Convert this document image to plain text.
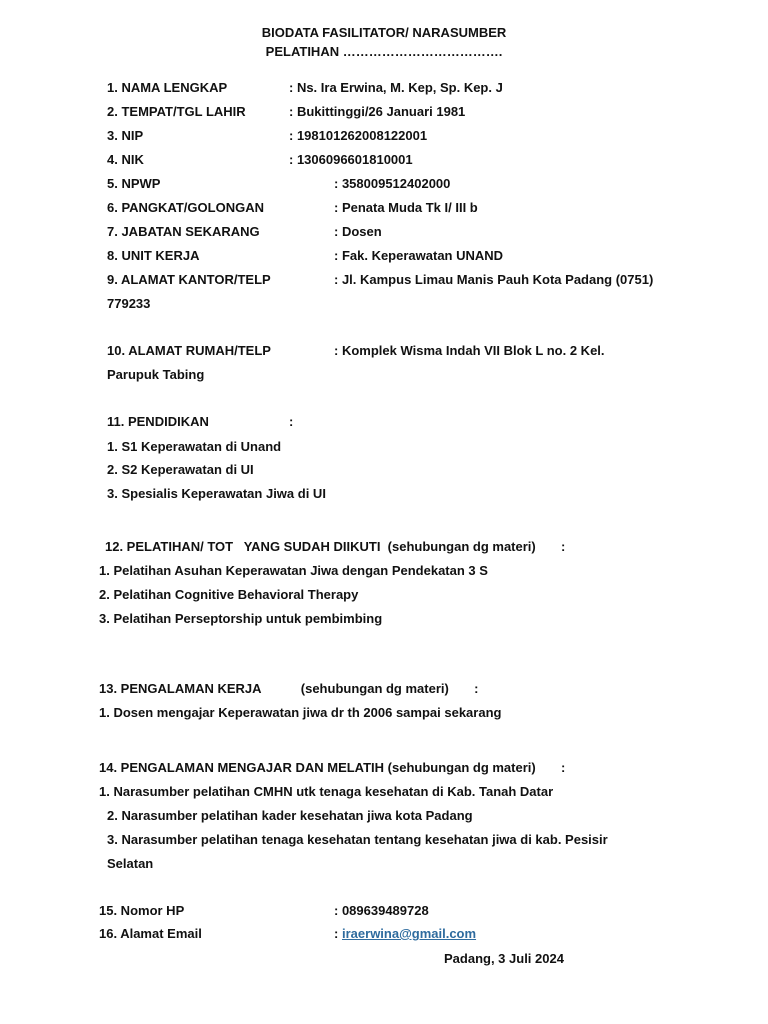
BIODATA FASILITATOR/ NARASUMBER
PELATIHAN ……………………………….
1. NAMA LENGKAP	: Ns. Ira Erwina, M. Kep, Sp. Kep. J
2. TEMPAT/TGL LAHIR	: Bukittinggi/26 Januari 1981
3. NIP	: 198101262008122001
4. NIK	: 1306096601810001
5. NPWP	: 358009512402000
6. PANGKAT/GOLONGAN	: Penata Muda Tk I/ III b
7. JABATAN SEKARANG	: Dosen
8. UNIT KERJA	: Fak. Keperawatan UNAND
9. ALAMAT KANTOR/TELP	: Jl. Kampus Limau Manis Pauh Kota Padang (0751)
779233
10. ALAMAT RUMAH/TELP	: Komplek Wisma Indah VII Blok L no. 2 Kel.
Parupuk Tabing
11. PENDIDIKAN	:
1. S1 Keperawatan di Unand
2. S2 Keperawatan di UI
3. Spesialis Keperawatan Jiwa di UI
12. PELATIHAN/ TOT   YANG SUDAH DIIKUTI  (sehubungan dg materi)       :
1. Pelatihan Asuhan Keperawatan Jiwa dengan Pendekatan 3 S
2. Pelatihan Cognitive Behavioral Therapy
3. Pelatihan Perseptorship untuk pembimbing
13. PENGALAMAN KERJA           (sehubungan dg materi)       :
1. Dosen mengajar Keperawatan jiwa dr th 2006 sampai sekarang
14. PENGALAMAN MENGAJAR DAN MELATIH (sehubungan dg materi)       :
1. Narasumber pelatihan CMHN utk tenaga kesehatan di Kab. Tanah Datar
2. Narasumber pelatihan kader kesehatan jiwa kota Padang
3. Narasumber pelatihan tenaga kesehatan tentang kesehatan jiwa di kab. Pesisir
Selatan
15. Nomor HP	: 089639489728
16. Alamat Email	: iraerwina@gmail.com
Padang, 3 Juli 2024
